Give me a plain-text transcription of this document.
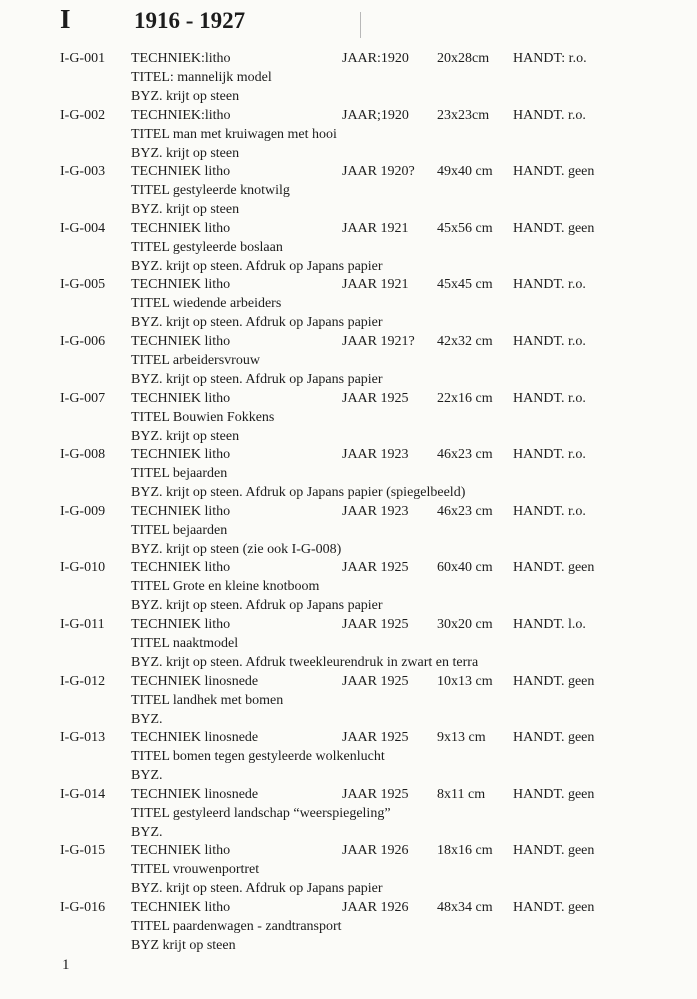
I	1916 - 1927
I-G-001 TECHNIEK:litho	JAAR:1920 20x28cm HANDT: r.o.
TITEL: mannelijk model
BYZ. krijt op steen
I-G-002 TECHNIEK:litho	JAAR;1920 23x23cm HANDT. r.o.
TITEL man met kruiwagen met hooi
BYZ. krijt op steen
I-G-003 TECHNIEK litho	JAAR 1920? 49x40 cm HANDT. geen
TITEL gestyleerde knotwilg
BYZ. krijt op steen
I-G-004 TECHNIEK litho	JAAR 1921 45x56 cm HANDT. geen
TITEL gestyleerde boslaan
BYZ. krijt op steen. Afdruk op Japans papier
I-G-005 TECHNIEK litho	JAAR 1921 45x45 cm HANDT. r.o.
TITEL wiedende arbeiders
BYZ. krijt op steen. Afdruk op Japans papier
I-G-006 TECHNIEK litho	JAAR 1921? 42x32 cm HANDT. r.o.
TITEL arbeidersvrouw
BYZ. krijt op steen. Afdruk op Japans papier
I-G-007 TECHNIEK litho	JAAR 1925 22x16 cm HANDT. r.o.
TITEL Bouwien Fokkens
BYZ. krijt op steen
I-G-008 TECHNIEK litho	JAAR 1923 46x23 cm HANDT. r.o.
TITEL bejaarden
BYZ. krijt op steen. Afdruk op Japans papier (spiegelbeeld)
I-G-009 TECHNIEK litho	JAAR 1923 46x23 cm HANDT. r.o.
TITEL bejaarden
BYZ. krijt op steen (zie ook I-G-008)
I-G-010 TECHNIEK litho	JAAR 1925 60x40 cm HANDT. geen
TITEL Grote en kleine knotboom
BYZ. krijt op steen. Afdruk op Japans papier
I-G-011 TECHNIEK litho	JAAR 1925 30x20 cm HANDT. l.o.
TITEL naaktmodel
BYZ. krijt op steen. Afdruk tweekleurendruk in zwart en terra
I-G-012 TECHNIEK linosnede	JAAR 1925 10x13 cm HANDT. geen
TITEL landhek met bomen
BYZ.
I-G-013 TECHNIEK linosnede	JAAR 1925 9x13 cm HANDT. geen
TITEL bomen tegen gestyleerde wolkenlucht
BYZ.
I-G-014 TECHNIEK linosnede	JAAR 1925 8x11 cm HANDT. geen
TITEL gestyleerd landschap “weerspiegeling”
BYZ.
I-G-015 TECHNIEK litho	JAAR 1926 18x16 cm HANDT. geen
TITEL vrouwenportret
BYZ. krijt op steen. Afdruk op Japans papier
I-G-016 TECHNIEK litho	JAAR 1926 48x34 cm HANDT. geen
TITEL paardenwagen - zandtransport
BYZ krijt op steen
1
